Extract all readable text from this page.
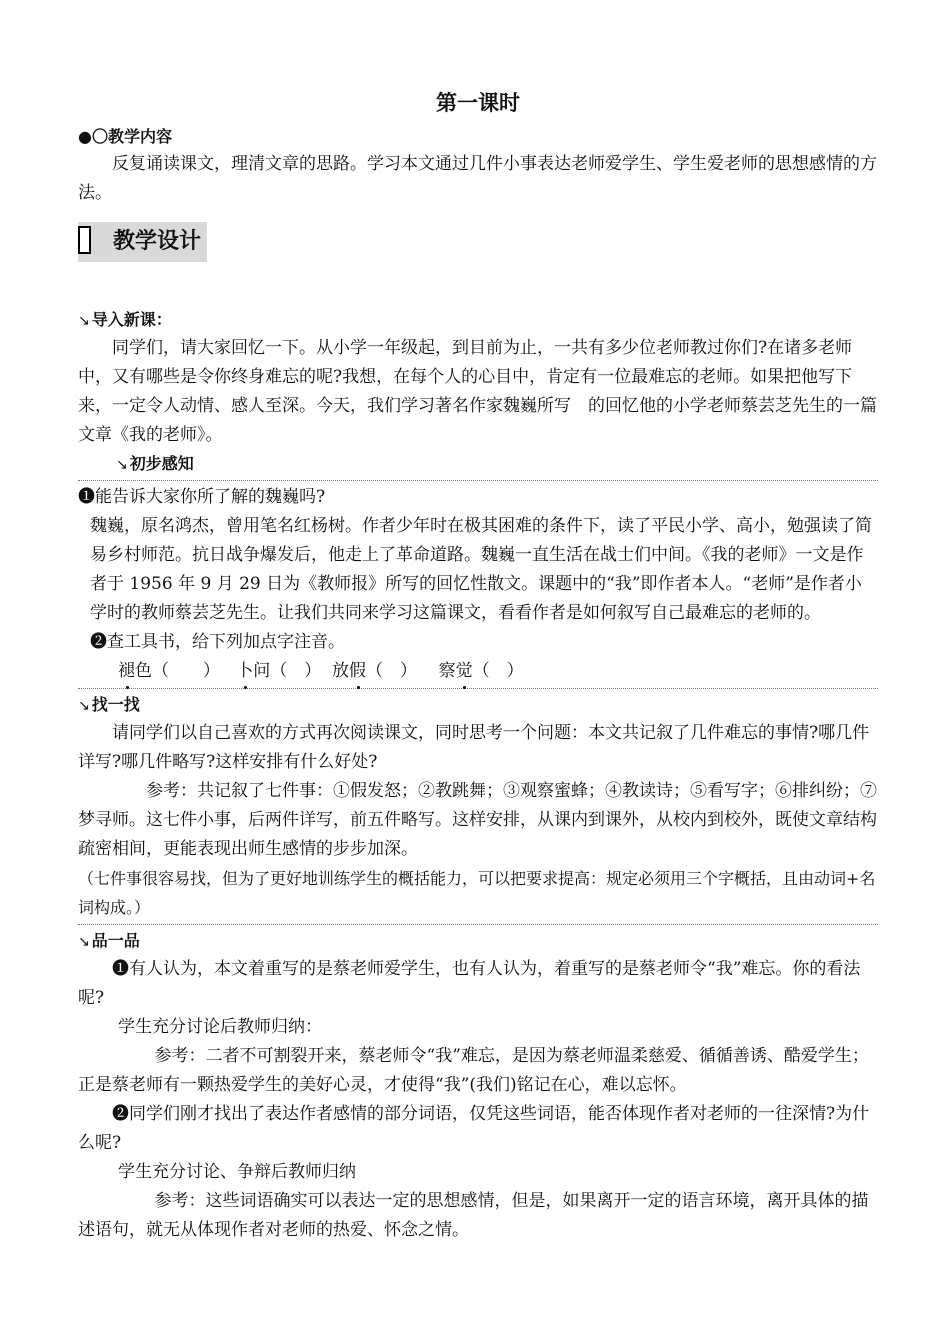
第一课时
●〇教学内容

反复诵读课文，理清文章的思路。学习本文通过几件小事表达老师爱学生、学生爱老师的思想感情的方法。

教学设计
↘ 导入新课：

同学们，请大家回忆一下。从小学一年级起，到目前为止，一共有多少位老师教过你们?在诸多老师中，又有哪些是令你终身难忘的呢?我想，在每个人的心目中，肯定有一位最难忘的老师。如果把他写下来，一定令人动情、感人至深。今天，我们学习著名作家魏巍所写　的回忆他的小学老师蔡芸芝先生的一篇文章《我的老师》。

↘ 初步感知

❶能告诉大家你所了解的魏巍吗?

魏巍，原名鸿杰，曾用笔名红杨树。作者少年时在极其困难的条件下，读了平民小学、高小，勉强读了简易乡村师范。抗日战争爆发后，他走上了革命道路。魏巍一直生活在战士们中间。《我的老师》一文是作者于 1956 年 9 月 29 日为《教师报》所写的回忆性散文。课题中的“我”即作者本人。“老师”是作者小学时的教师蔡芸芝先生。让我们共同来学习这篇课文，看看作者是如何叙写自己最难忘的老师的。

❷查工具书，给下列加点字注音。

褪色（　　） 卜问（　） 放假（　） 察觉（　）
↘ 找一找

请同学们以自己喜欢的方式再次阅读课文，同时思考一个问题：本文共记叙了几件难忘的事情?哪几件详写?哪几件略写?这样安排有什么好处?

参考：共记叙了七件事：①假发怒；②教跳舞；③观察蜜蜂；④教读诗；⑤看写字；⑥排纠纷；⑦梦寻师。这七件小事，后两件详写，前五件略写。这样安排，从课内到课外，从校内到校外，既使文章结构疏密相间，更能表现出师生感情的步步加深。

（七件事很容易找，但为了更好地训练学生的概括能力，可以把要求提高：规定必须用三个字概括，且由动词+名词构成。）

↘ 品一品

❶有人认为，本文着重写的是蔡老师爱学生，也有人认为，着重写的是蔡老师令“我”难忘。你的看法呢?

学生充分讨论后教师归纳：

参考：二者不可割裂开来，蔡老师令“我”难忘，是因为蔡老师温柔慈爱、循循善诱、酷爱学生；正是蔡老师有一颗热爱学生的美好心灵，才使得“我”(我们)铭记在心，难以忘怀。

❷同学们刚才找出了表达作者感情的部分词语，仅凭这些词语，能否体现作者对老师的一往深情?为什么呢?

学生充分讨论、争辩后教师归纳

参考：这些词语确实可以表达一定的思想感情，但是，如果离开一定的语言环境，离开具体的描述语句，就无从体现作者对老师的热爱、怀念之情。
